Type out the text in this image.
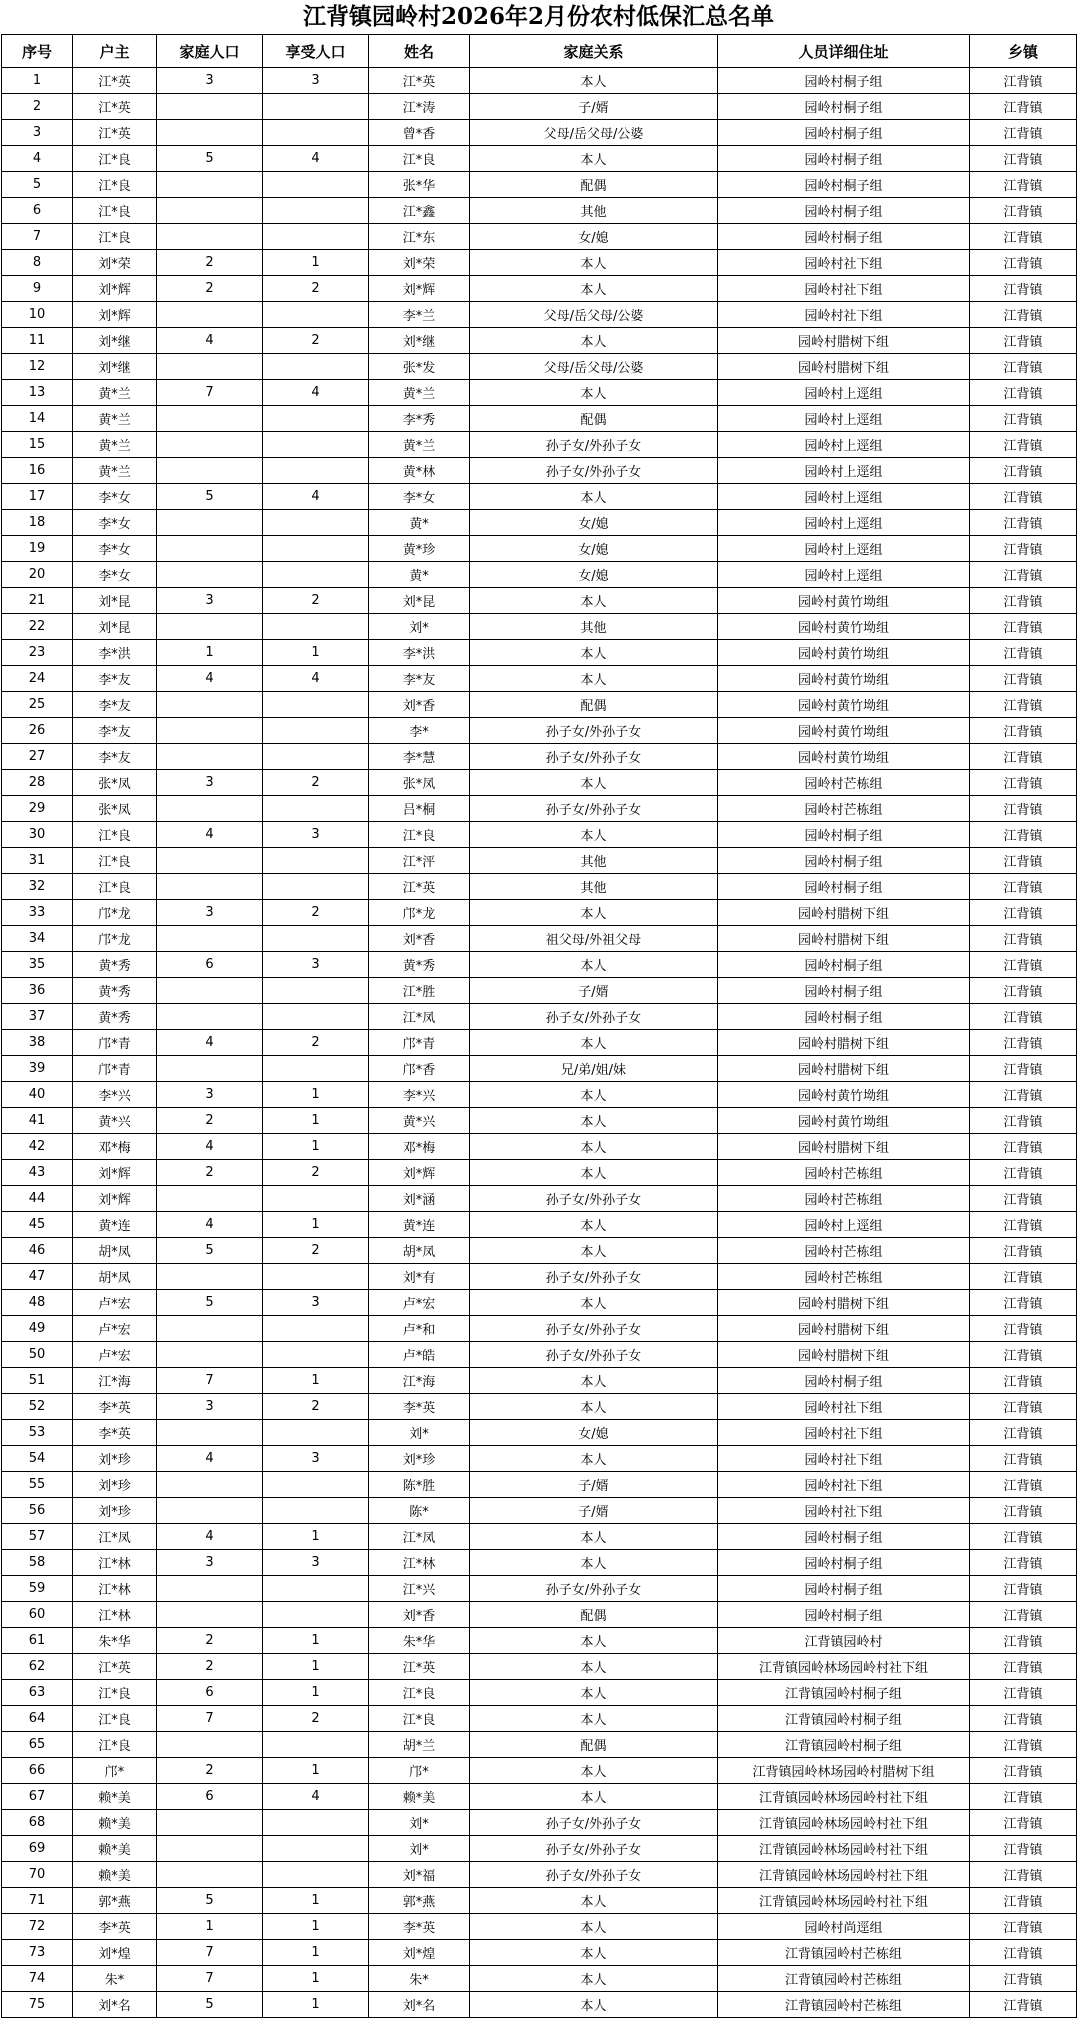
江背镇园岭村2026年2月份农村低保汇总名单
序号	户主	家庭人口	享受人口	姓名	家庭关系	人员详细住址	乡镇
1	江*英	3	3	江*英	本人	园岭村桐子组	江背镇
2	江*英			江*涛	子/婿	园岭村桐子组	江背镇
3	江*英			曾*香	父母/岳父母/公婆	园岭村桐子组	江背镇
4	江*良	5	4	江*良	本人	园岭村桐子组	江背镇
5	江*良			张*华	配偶	园岭村桐子组	江背镇
6	江*良			江*鑫	其他	园岭村桐子组	江背镇
7	江*良			江*东	女/媳	园岭村桐子组	江背镇
8	刘*荣	2	1	刘*荣	本人	园岭村社下组	江背镇
9	刘*辉	2	2	刘*辉	本人	园岭村社下组	江背镇
10	刘*辉			李*兰	父母/岳父母/公婆	园岭村社下组	江背镇
11	刘*继	4	2	刘*继	本人	园岭村腊树下组	江背镇
12	刘*继			张*发	父母/岳父母/公婆	园岭村腊树下组	江背镇
13	黄*兰	7	4	黄*兰	本人	园岭村上逕组	江背镇
14	黄*兰			李*秀	配偶	园岭村上逕组	江背镇
15	黄*兰			黄*兰	孙子女/外孙子女	园岭村上逕组	江背镇
16	黄*兰			黄*林	孙子女/外孙子女	园岭村上逕组	江背镇
17	李*女	5	4	李*女	本人	园岭村上逕组	江背镇
18	李*女			黄*	女/媳	园岭村上逕组	江背镇
19	李*女			黄*珍	女/媳	园岭村上逕组	江背镇
20	李*女			黄*	女/媳	园岭村上逕组	江背镇
21	刘*昆	3	2	刘*昆	本人	园岭村黄竹坳组	江背镇
22	刘*昆			刘*	其他	园岭村黄竹坳组	江背镇
23	李*洪	1	1	李*洪	本人	园岭村黄竹坳组	江背镇
24	李*友	4	4	李*友	本人	园岭村黄竹坳组	江背镇
25	李*友			刘*香	配偶	园岭村黄竹坳组	江背镇
26	李*友			李*	孙子女/外孙子女	园岭村黄竹坳组	江背镇
27	李*友			李*慧	孙子女/外孙子女	园岭村黄竹坳组	江背镇
28	张*凤	3	2	张*凤	本人	园岭村芒栋组	江背镇
29	张*凤			吕*桐	孙子女/外孙子女	园岭村芒栋组	江背镇
30	江*良	4	3	江*良	本人	园岭村桐子组	江背镇
31	江*良			江*泙	其他	园岭村桐子组	江背镇
32	江*良			江*英	其他	园岭村桐子组	江背镇
33	邝*龙	3	2	邝*龙	本人	园岭村腊树下组	江背镇
34	邝*龙			刘*香	祖父母/外祖父母	园岭村腊树下组	江背镇
35	黄*秀	6	3	黄*秀	本人	园岭村桐子组	江背镇
36	黄*秀			江*胜	子/婿	园岭村桐子组	江背镇
37	黄*秀			江*凤	孙子女/外孙子女	园岭村桐子组	江背镇
38	邝*青	4	2	邝*青	本人	园岭村腊树下组	江背镇
39	邝*青			邝*香	兄/弟/姐/妹	园岭村腊树下组	江背镇
40	李*兴	3	1	李*兴	本人	园岭村黄竹坳组	江背镇
41	黄*兴	2	1	黄*兴	本人	园岭村黄竹坳组	江背镇
42	邓*梅	4	1	邓*梅	本人	园岭村腊树下组	江背镇
43	刘*辉	2	2	刘*辉	本人	园岭村芒栋组	江背镇
44	刘*辉			刘*涵	孙子女/外孙子女	园岭村芒栋组	江背镇
45	黄*连	4	1	黄*连	本人	园岭村上逕组	江背镇
46	胡*凤	5	2	胡*凤	本人	园岭村芒栋组	江背镇
47	胡*凤			刘*有	孙子女/外孙子女	园岭村芒栋组	江背镇
48	卢*宏	5	3	卢*宏	本人	园岭村腊树下组	江背镇
49	卢*宏			卢*和	孙子女/外孙子女	园岭村腊树下组	江背镇
50	卢*宏			卢*皓	孙子女/外孙子女	园岭村腊树下组	江背镇
51	江*海	7	1	江*海	本人	园岭村桐子组	江背镇
52	李*英	3	2	李*英	本人	园岭村社下组	江背镇
53	李*英			刘*	女/媳	园岭村社下组	江背镇
54	刘*珍	4	3	刘*珍	本人	园岭村社下组	江背镇
55	刘*珍			陈*胜	子/婿	园岭村社下组	江背镇
56	刘*珍			陈*	子/婿	园岭村社下组	江背镇
57	江*凤	4	1	江*凤	本人	园岭村桐子组	江背镇
58	江*林	3	3	江*林	本人	园岭村桐子组	江背镇
59	江*林			江*兴	孙子女/外孙子女	园岭村桐子组	江背镇
60	江*林			刘*香	配偶	园岭村桐子组	江背镇
61	朱*华	2	1	朱*华	本人	江背镇园岭村	江背镇
62	江*英	2	1	江*英	本人	江背镇园岭林场园岭村社下组	江背镇
63	江*良	6	1	江*良	本人	江背镇园岭村桐子组	江背镇
64	江*良	7	2	江*良	本人	江背镇园岭村桐子组	江背镇
65	江*良			胡*兰	配偶	江背镇园岭村桐子组	江背镇
66	邝*	2	1	邝*	本人	江背镇园岭林场园岭村腊树下组	江背镇
67	赖*美	6	4	赖*美	本人	江背镇园岭林场园岭村社下组	江背镇
68	赖*美			刘*	孙子女/外孙子女	江背镇园岭林场园岭村社下组	江背镇
69	赖*美			刘*	孙子女/外孙子女	江背镇园岭林场园岭村社下组	江背镇
70	赖*美			刘*福	孙子女/外孙子女	江背镇园岭林场园岭村社下组	江背镇
71	郭*燕	5	1	郭*燕	本人	江背镇园岭林场园岭村社下组	江背镇
72	李*英	1	1	李*英	本人	园岭村尚逕组	江背镇
73	刘*煌	7	1	刘*煌	本人	江背镇园岭村芒栋组	江背镇
74	朱*	7	1	朱*	本人	江背镇园岭村芒栋组	江背镇
75	刘*名	5	1	刘*名	本人	江背镇园岭村芒栋组	江背镇
